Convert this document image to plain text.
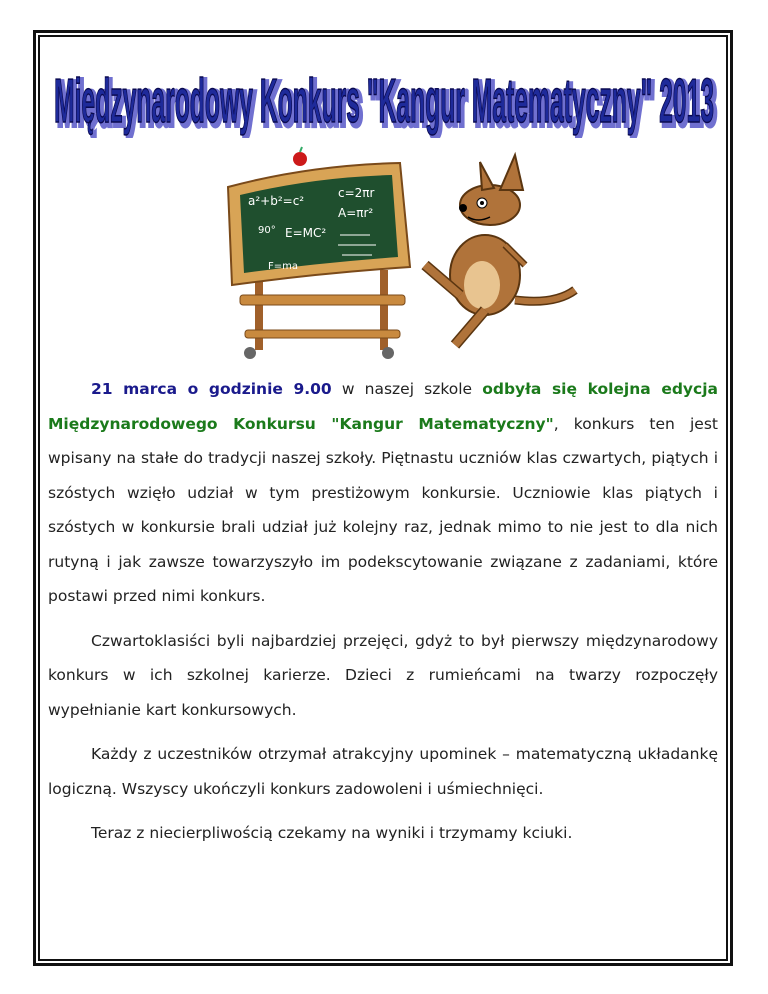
Międzynarodowy Konkurs "Kangur Matematyczny" 2013
Międzynarodowy Konkurs "Kangur Matematyczny" 2013
a²+b²=c²
c=2πr
A=πr²
90° E=MC²
F=ma

21 marca o godzinie 9.00 w naszej szkole odbyła się kolejna edycja Międzynarodowego Konkursu "Kangur Matematyczny", konkurs ten jest wpisany na stałe do tradycji naszej szkoły. Piętnastu uczniów klas czwartych, piątych i szóstych wzięło udział w tym prestiżowym konkursie. Uczniowie klas piątych i szóstych w konkursie brali udział już kolejny raz, jednak mimo to nie jest to dla nich rutyną i jak zawsze towarzyszyło im podekscytowanie związane z zadaniami, które postawi przed nimi konkurs.

Czwartoklasiści byli najbardziej przejęci, gdyż to był pierwszy międzynarodowy konkurs w ich szkolnej karierze. Dzieci z rumieńcami na twarzy rozpoczęły wypełnianie kart konkursowych.

Każdy z uczestników otrzymał atrakcyjny upominek – matematyczną układankę logiczną. Wszyscy ukończyli konkurs zadowoleni i uśmiechnięci.

Teraz z niecierpliwością czekamy na wyniki i trzymamy kciuki.
